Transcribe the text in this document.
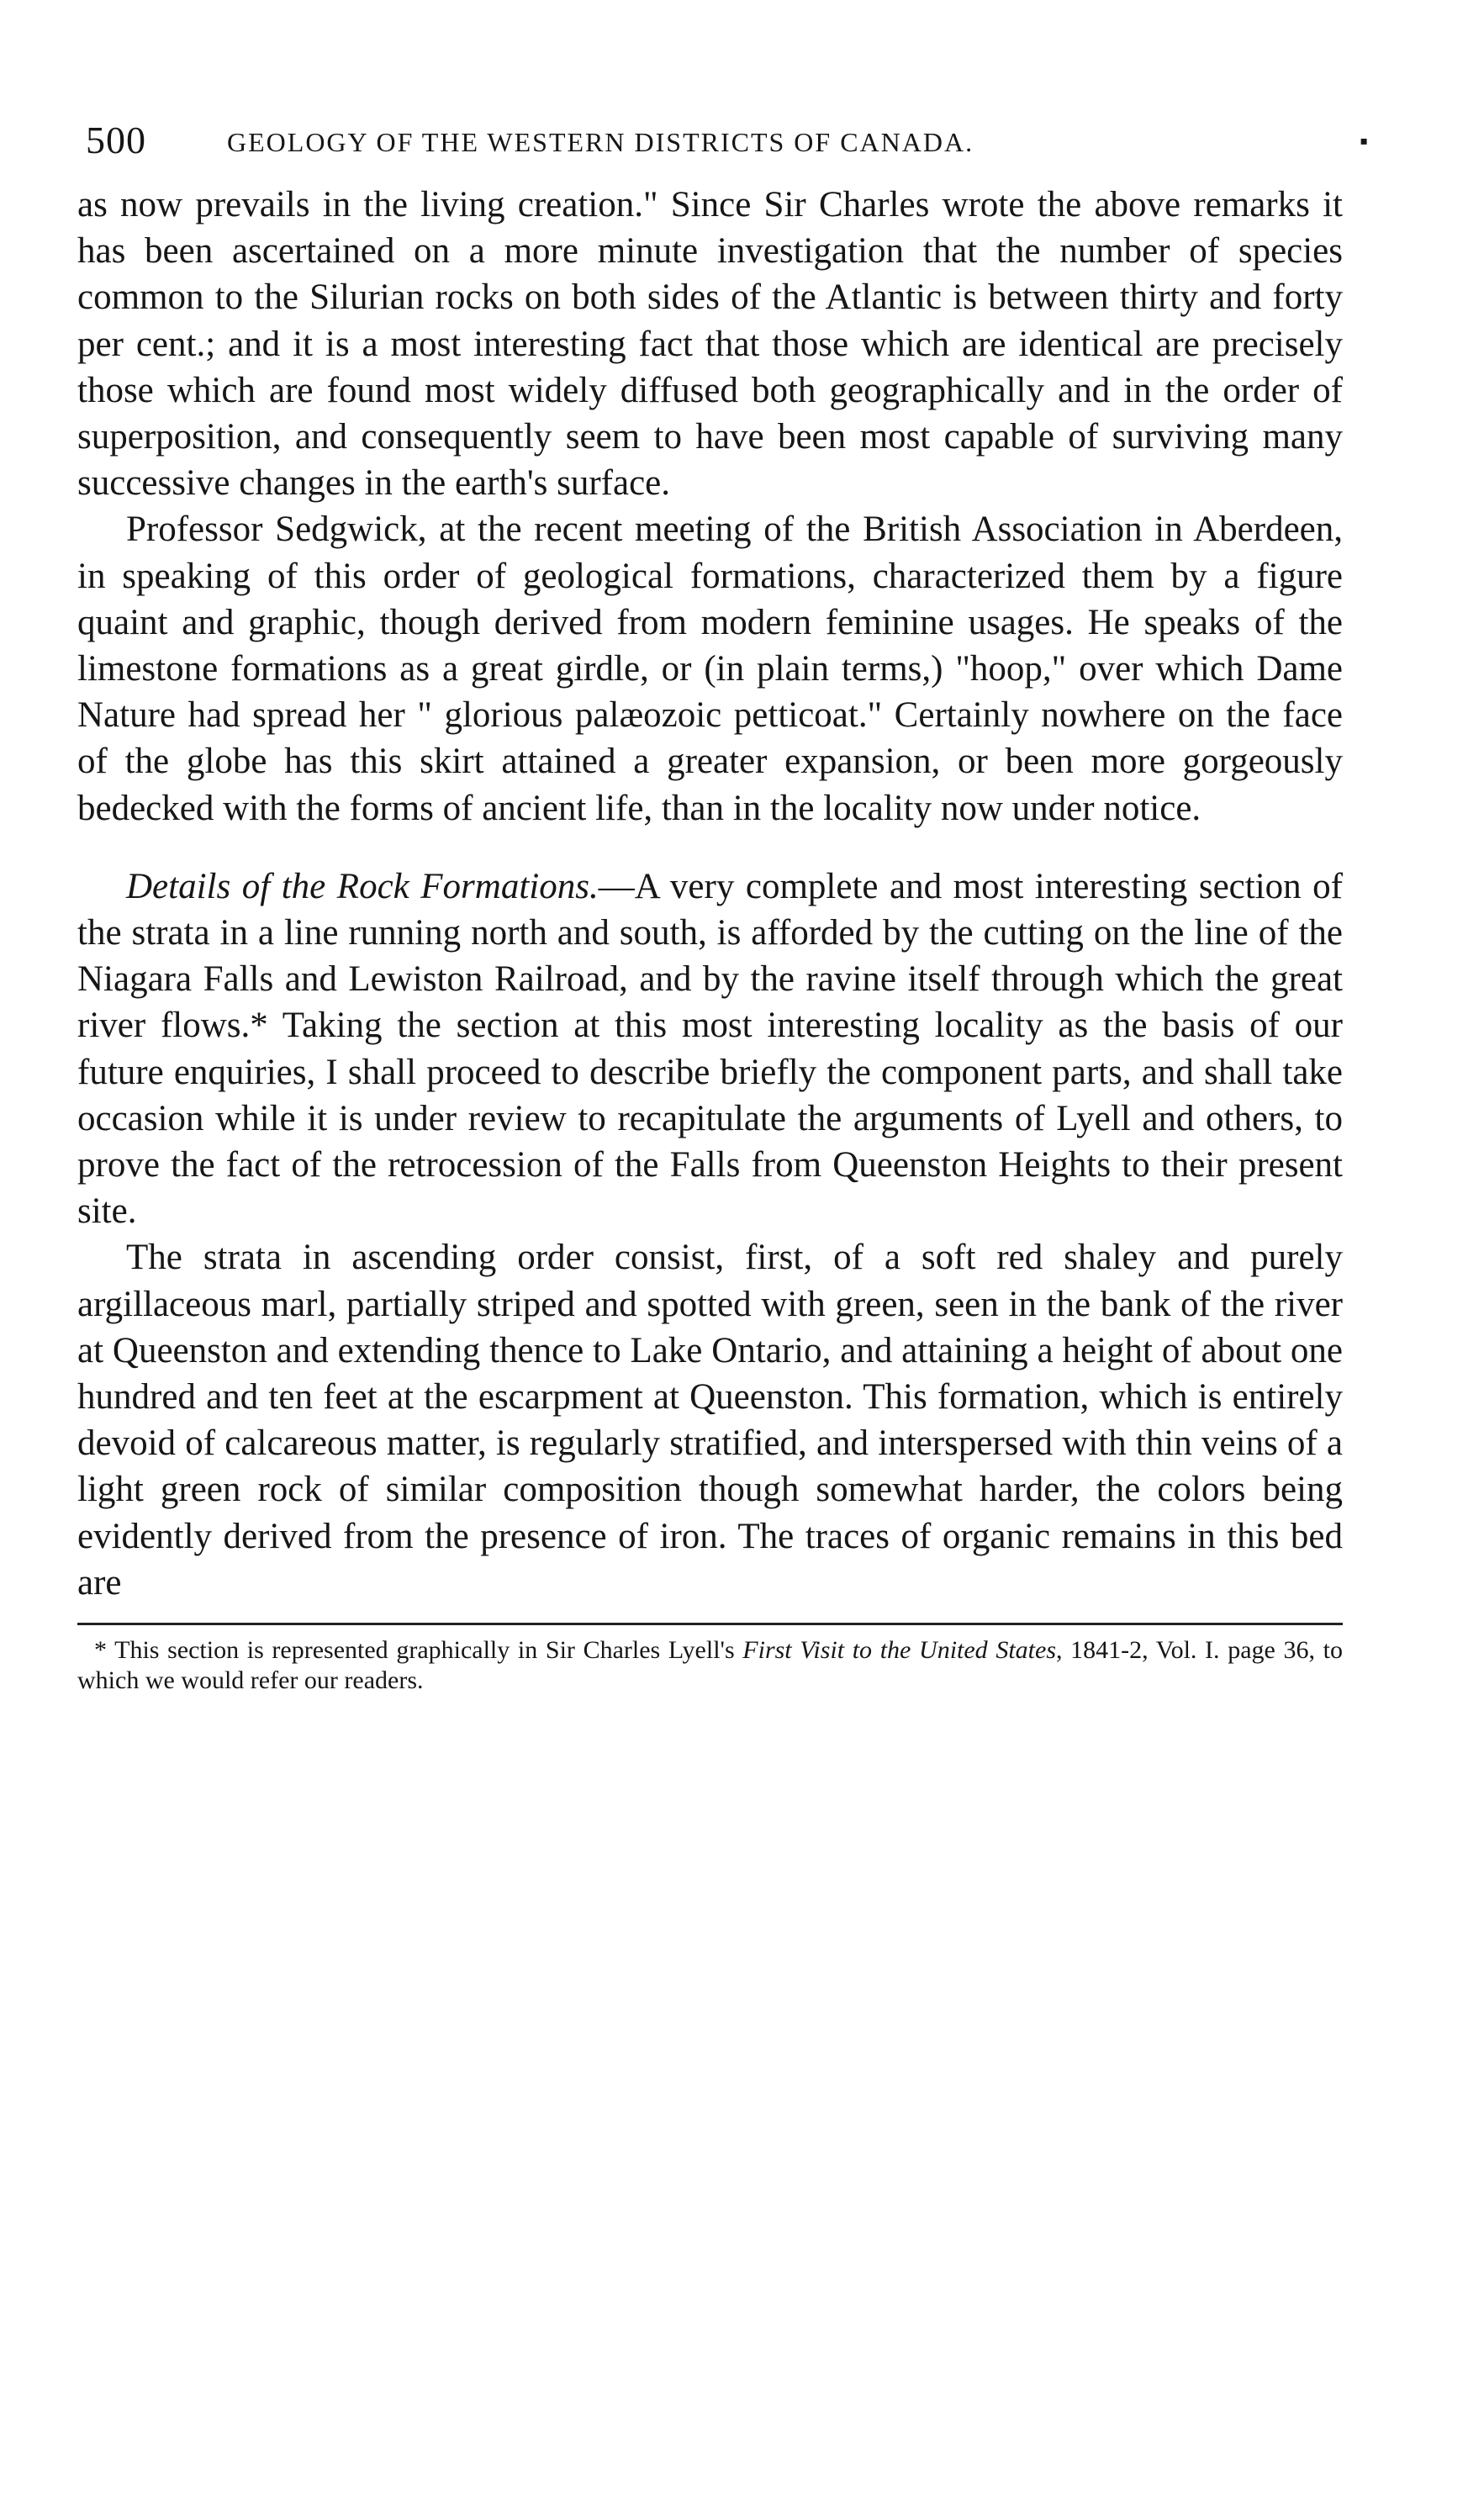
500	GEOLOGY OF THE WESTERN DISTRICTS OF CANADA.	▪

as now prevails in the living creation." Since Sir Charles wrote the above remarks it has been ascertained on a more minute investigation that the number of species common to the Silurian rocks on both sides of the Atlantic is between thirty and forty per cent.; and it is a most interesting fact that those which are identical are precisely those which are found most widely diffused both geographically and in the order of superposition, and consequently seem to have been most capable of surviving many successive changes in the earth's surface.

Professor Sedgwick, at the recent meeting of the British Association in Aberdeen, in speaking of this order of geological formations, characterized them by a figure quaint and graphic, though derived from modern feminine usages. He speaks of the limestone formations as a great girdle, or (in plain terms,) "hoop," over which Dame Nature had spread her " glorious palæozoic petticoat." Certainly nowhere on the face of the globe has this skirt attained a greater expansion, or been more gorgeously bedecked with the forms of ancient life, than in the locality now under notice.

Details of the Rock Formations.—A very complete and most interesting section of the strata in a line running north and south, is afforded by the cutting on the line of the Niagara Falls and Lewiston Railroad, and by the ravine itself through which the great river flows.* Taking the section at this most interesting locality as the basis of our future enquiries, I shall proceed to describe briefly the component parts, and shall take occasion while it is under review to recapitulate the arguments of Lyell and others, to prove the fact of the retrocession of the Falls from Queenston Heights to their present site.

The strata in ascending order consist, first, of a soft red shaley and purely argillaceous marl, partially striped and spotted with green, seen in the bank of the river at Queenston and extending thence to Lake Ontario, and attaining a height of about one hundred and ten feet at the escarpment at Queenston. This formation, which is entirely devoid of calcareous matter, is regularly stratified, and interspersed with thin veins of a light green rock of similar composition though somewhat harder, the colors being evidently derived from the presence of iron. The traces of organic remains in this bed are

* This section is represented graphically in Sir Charles Lyell's First Visit to the United States, 1841-2, Vol. I. page 36, to which we would refer our readers.
